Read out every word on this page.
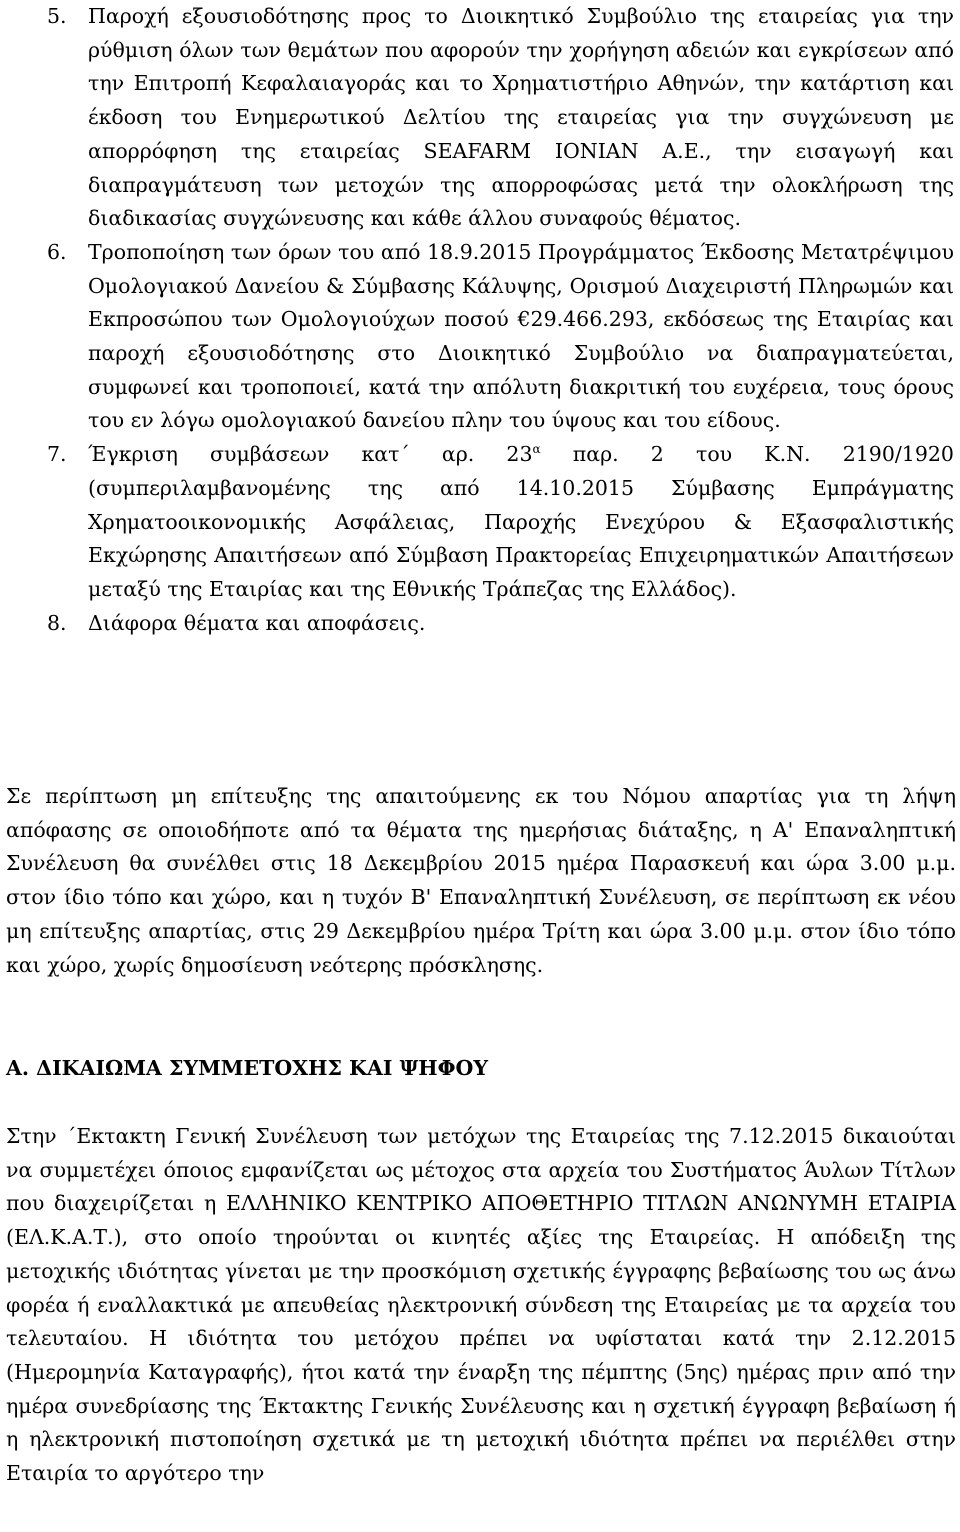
5. Παροχή εξουσιοδότησης προς το Διοικητικό Συμβούλιο της εταιρείας για την ρύθμιση όλων των θεμάτων που αφορούν την χορήγηση αδειών και εγκρίσεων από την Επιτροπή Κεφαλαιαγοράς και το Χρηματιστήριο Αθηνών, την κατάρτιση και έκδοση του Ενημερωτικού Δελτίου της εταιρείας για την συγχώνευση με απορρόφηση της εταιρείας SEAFARM IONIAN A.E., την εισαγωγή και διαπραγμάτευση των μετοχών της απορροφώσας μετά την ολοκλήρωση της διαδικασίας συγχώνευσης και κάθε άλλου συναφούς θέματος.
6. Τροποποίηση των όρων του από 18.9.2015 Προγράμματος Έκδοσης Μετατρέψιμου Ομολογιακού Δανείου & Σύμβασης Κάλυψης, Ορισμού Διαχειριστή Πληρωμών και Εκπροσώπου των Ομολογιούχων ποσού €29.466.293, εκδόσεως της Εταιρίας και παροχή εξουσιοδότησης στο Διοικητικό Συμβούλιο να διαπραγματεύεται, συμφωνεί και τροποποιεί, κατά την απόλυτη διακριτική του ευχέρεια, τους όρους του εν λόγω ομολογιακού δανείου πλην του ύψους και του είδους.
7. Έγκριση συμβάσεων κατ΄ αρ. $23^\alpha$ παρ. 2 του Κ.Ν. 2190/1920 (συμπεριλαμβανομένης της από 14.10.2015 Σύμβασης Εμπράγματης Χρηματοοικονομικής Ασφάλειας, Παροχής Ενεχύρου & Εξασφαλιστικής Εκχώρησης Απαιτήσεων από Σύμβαση Πρακτορείας Επιχειρηματικών Απαιτήσεων μεταξύ της Εταιρίας και της Εθνικής Τράπεζας της Ελλάδος).
8. Διάφορα θέματα και αποφάσεις.
Σε περίπτωση μη επίτευξης της απαιτούμενης εκ του Νόμου απαρτίας για τη λήψη απόφασης σε οποιοδήποτε από τα θέματα της ημερήσιας διάταξης, η Α' Επαναληπτική Συνέλευση θα συνέλθει στις 18 Δεκεμβρίου 2015 ημέρα Παρασκευή και ώρα 3.00 μ.μ. στον ίδιο τόπο και χώρο, και η τυχόν Β' Επαναληπτική Συνέλευση, σε περίπτωση εκ νέου μη επίτευξης απαρτίας, στις 29 Δεκεμβρίου ημέρα Τρίτη και ώρα 3.00 μ.μ. στον ίδιο τόπο και χώρο, χωρίς δημοσίευση νεότερης πρόσκλησης.
Α. ΔΙΚΑΙΩΜΑ ΣΥΜΜΕΤΟΧΗΣ ΚΑΙ ΨΗΦΟΥ
Στην ΄Εκτακτη Γενική Συνέλευση των μετόχων της Εταιρείας της 7.12.2015 δικαιούται να συμμετέχει όποιος εμφανίζεται ως μέτοχος στα αρχεία του Συστήματος Άυλων Τίτλων που διαχειρίζεται η ΕΛΛΗΝΙΚΟ ΚΕΝΤΡΙΚΟ ΑΠΟΘΕΤΗΡΙΟ ΤΙΤΛΩΝ ΑΝΩΝΥΜΗ ΕΤΑΙΡΙΑ (ΕΛ.Κ.Α.Τ.), στο οποίο τηρούνται οι κινητές αξίες της Εταιρείας. Η απόδειξη της μετοχικής ιδιότητας γίνεται με την προσκόμιση σχετικής έγγραφης βεβαίωσης του ως άνω φορέα ή εναλλακτικά με απευθείας ηλεκτρονική σύνδεση της Εταιρείας με τα αρχεία του τελευταίου. Η ιδιότητα του μετόχου πρέπει να υφίσταται κατά την 2.12.2015 (Ημερομηνία Καταγραφής), ήτοι κατά την έναρξη της πέμπτης (5ης) ημέρας πριν από την ημέρα συνεδρίασης της Έκτακτης Γενικής Συνέλευσης και η σχετική έγγραφη βεβαίωση ή η ηλεκτρονική πιστοποίηση σχετικά με τη μετοχική ιδιότητα πρέπει να περιέλθει στην Εταιρία το αργότερο την
